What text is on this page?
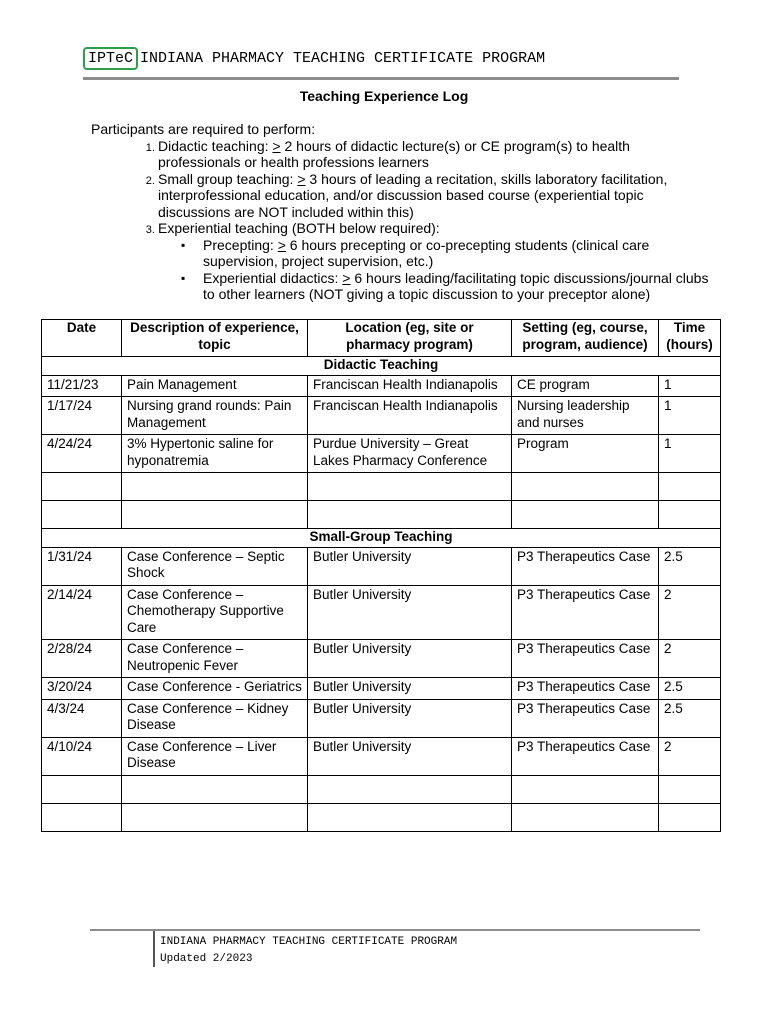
IPTeC INDIANA PHARMACY TEACHING CERTIFICATE PROGRAM
Teaching Experience Log
Participants are required to perform:
1. Didactic teaching: > 2 hours of didactic lecture(s) or CE program(s) to health professionals or health professions learners
2. Small group teaching: > 3 hours of leading a recitation, skills laboratory facilitation, interprofessional education, and/or discussion based course (experiential topic discussions are NOT included within this)
3. Experiential teaching (BOTH below required):
▪ Precepting: > 6 hours precepting or co-precepting students (clinical care supervision, project supervision, etc.)
▪ Experiential didactics: > 6 hours leading/facilitating topic discussions/journal clubs to other learners (NOT giving a topic discussion to your preceptor alone)
Date	Description of experience, topic	Location (eg, site or pharmacy program)	Setting (eg, course, program, audience)	Time (hours)
Didactic Teaching				
11/21/23	Pain Management	Franciscan Health Indianapolis	CE program	1
1/17/24	Nursing grand rounds: Pain Management	Franciscan Health Indianapolis	Nursing leadership and nurses	1
4/24/24	3% Hypertonic saline for hyponatremia	Purdue University – Great Lakes Pharmacy Conference	Program	1

Small-Group Teaching				
1/31/24	Case Conference – Septic Shock	Butler University	P3 Therapeutics Case	2.5
2/14/24	Case Conference – Chemotherapy Supportive Care	Butler University	P3 Therapeutics Case	2
2/28/24	Case Conference – Neutropenic Fever	Butler University	P3 Therapeutics Case	2
3/20/24	Case Conference - Geriatrics	Butler University	P3 Therapeutics Case	2.5
4/3/24	Case Conference – Kidney Disease	Butler University	P3 Therapeutics Case	2.5
4/10/24	Case Conference – Liver Disease	Butler University	P3 Therapeutics Case	2

INDIANA PHARMACY TEACHING CERTIFICATE PROGRAM
Updated 2/2023
